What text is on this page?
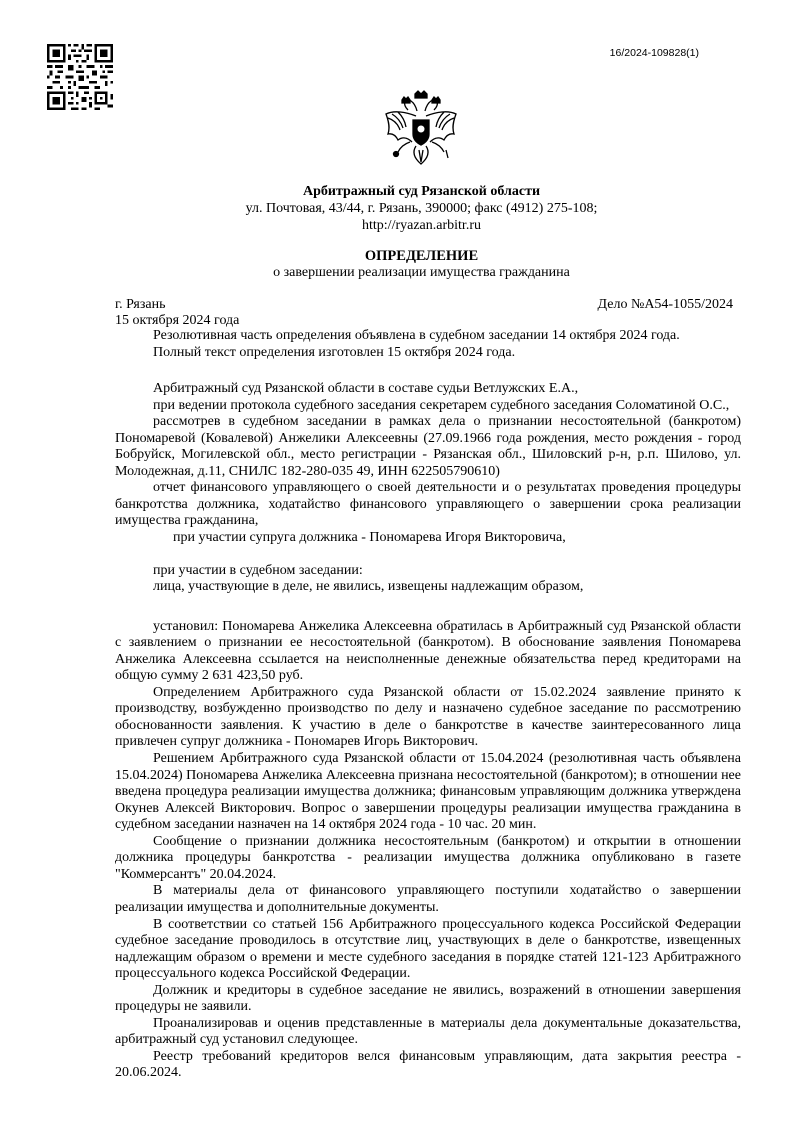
16/2024-109828(1)
Арбитражный суд Рязанской области
ул. Почтовая, 43/44, г. Рязань, 390000; факс (4912) 275-108;
http://ryazan.arbitr.ru
ОПРЕДЕЛЕНИЕ
о завершении реализации имущества гражданина
г. Рязань	Дело №А54-1055/2024
15 октября 2024 года

Резолютивная часть определения объявлена в судебном заседании 14 октября 2024 года.

Полный текст определения изготовлен 15 октября 2024 года.

Арбитражный суд Рязанской области в составе судьи Ветлужских Е.А.,

при ведении протокола судебного заседания секретарем судебного заседания Соломатиной О.С.,

рассмотрев в судебном заседании в рамках дела о признании несостоятельной (банкротом) Пономаревой (Ковалевой) Анжелики Алексеевны (27.09.1966 года рождения, место рождения - город Бобруйск, Могилевской обл., место регистрации - Рязанская обл., Шиловский р-н, р.п. Шилово, ул. Молодежная, д.11, СНИЛС 182-280-035 49, ИНН 622505790610)

отчет финансового управляющего о своей деятельности и о результатах проведения процедуры банкротства должника, ходатайство финансового управляющего о завершении срока реализации имущества гражданина,

при участии супруга должника - Пономарева Игоря Викторовича,

при участии в судебном заседании:

лица, участвующие в деле, не явились, извещены надлежащим образом,

установил: Пономарева Анжелика Алексеевна обратилась в Арбитражный суд Рязанской области с заявлением о признании ее несостоятельной (банкротом). В обоснование заявления Пономарева Анжелика Алексеевна ссылается на неисполненные денежные обязательства перед кредиторами на общую сумму 2 631 423,50 руб.

Определением Арбитражного суда Рязанской области от 15.02.2024 заявление принято к производству, возбужденно производство по делу и назначено судебное заседание по рассмотрению обоснованности заявления. К участию в деле о банкротстве в качестве заинтересованного лица привлечен супруг должника - Пономарев Игорь Викторович.

Решением Арбитражного суда Рязанской области от 15.04.2024 (резолютивная часть объявлена 15.04.2024) Пономарева Анжелика Алексеевна признана несостоятельной (банкротом); в отношении нее введена процедура реализации имущества должника; финансовым управляющим должника утверждена Окунев Алексей Викторович. Вопрос о завершении процедуры реализации имущества гражданина в судебном заседании назначен на 14 октября 2024 года - 10 час. 20 мин.

Сообщение о признании должника несостоятельным (банкротом) и открытии в отношении должника процедуры банкротства - реализации имущества должника опубликовано в газете "Коммерсантъ" 20.04.2024.

В материалы дела от финансового управляющего поступили ходатайство о завершении реализации имущества и дополнительные документы.

В соответствии со статьей 156 Арбитражного процессуального кодекса Российской Федерации судебное заседание проводилось в отсутствие лиц, участвующих в деле о банкротстве, извещенных надлежащим образом о времени и месте судебного заседания в порядке статей 121-123 Арбитражного процессуального кодекса Российской Федерации.

Должник и кредиторы в судебное заседание не явились, возражений в отношении завершения процедуры не заявили.

Проанализировав и оценив представленные в материалы дела документальные доказательства, арбитражный суд установил следующее.

Реестр требований кредиторов велся финансовым управляющим, дата закрытия реестра - 20.06.2024.
